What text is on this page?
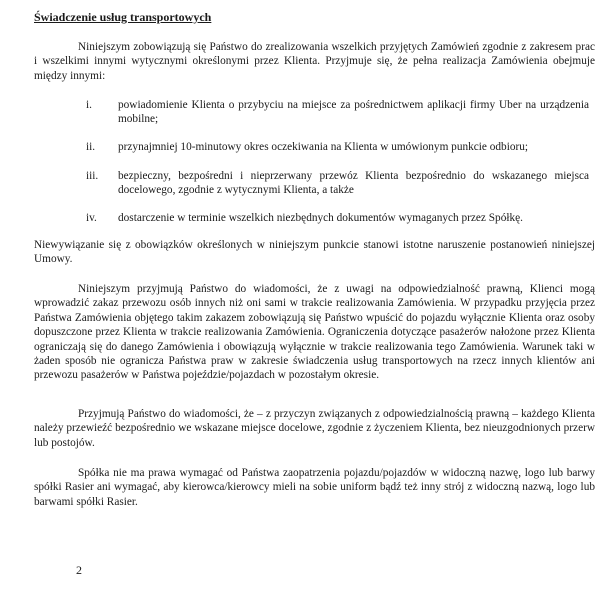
Świadczenie usług transportowych

Niniejszym zobowiązują się Państwo do zrealizowania wszelkich przyjętych Zamówień zgodnie z zakresem prac i wszelkimi innymi wytycznymi określonymi przez Klienta. Przyjmuje się, że pełna realizacja Zamówienia obejmuje między innymi:

i.	powiadomienie Klienta o przybyciu na miejsce za pośrednictwem aplikacji firmy Uber na urządzenia mobilne;
ii.	przynajmniej 10-minutowy okres oczekiwania na Klienta w umówionym punkcie odbioru;
iii.	bezpieczny, bezpośredni i nieprzerwany przewóz Klienta bezpośrednio do wskazanego miejsca docelowego, zgodnie z wytycznymi Klienta, a także
iv.	dostarczenie w terminie wszelkich niezbędnych dokumentów wymaganych przez Spółkę.

Niewywiązanie się z obowiązków określonych w niniejszym punkcie stanowi istotne naruszenie postanowień niniejszej Umowy.

Niniejszym przyjmują Państwo do wiadomości, że z uwagi na odpowiedzialność prawną, Klienci mogą wprowadzić zakaz przewozu osób innych niż oni sami w trakcie realizowania Zamówienia. W przypadku przyjęcia przez Państwa Zamówienia objętego takim zakazem zobowiązują się Państwo wpuścić do pojazdu wyłącznie Klienta oraz osoby dopuszczone przez Klienta w trakcie realizowania Zamówienia. Ograniczenia dotyczące pasażerów nałożone przez Klienta ograniczają się do danego Zamówienia i obowiązują wyłącznie w trakcie realizowania tego Zamówienia. Warunek taki w żaden sposób nie ogranicza Państwa praw w zakresie świadczenia usług transportowych na rzecz innych klientów ani przewozu pasażerów w Państwa pojeździe/pojazdach w pozostałym okresie.

Przyjmują Państwo do wiadomości, że – z przyczyn związanych z odpowiedzialnością prawną – każdego Klienta należy przewieźć bezpośrednio we wskazane miejsce docelowe, zgodnie z życzeniem Klienta, bez nieuzgodnionych przerw lub postojów.

Spółka nie ma prawa wymagać od Państwa zaopatrzenia pojazdu/pojazdów w widoczną nazwę, logo lub barwy spółki Rasier ani wymagać, aby kierowca/kierowcy mieli na sobie uniform bądź też inny strój z widoczną nazwą, logo lub barwami spółki Rasier.

2
